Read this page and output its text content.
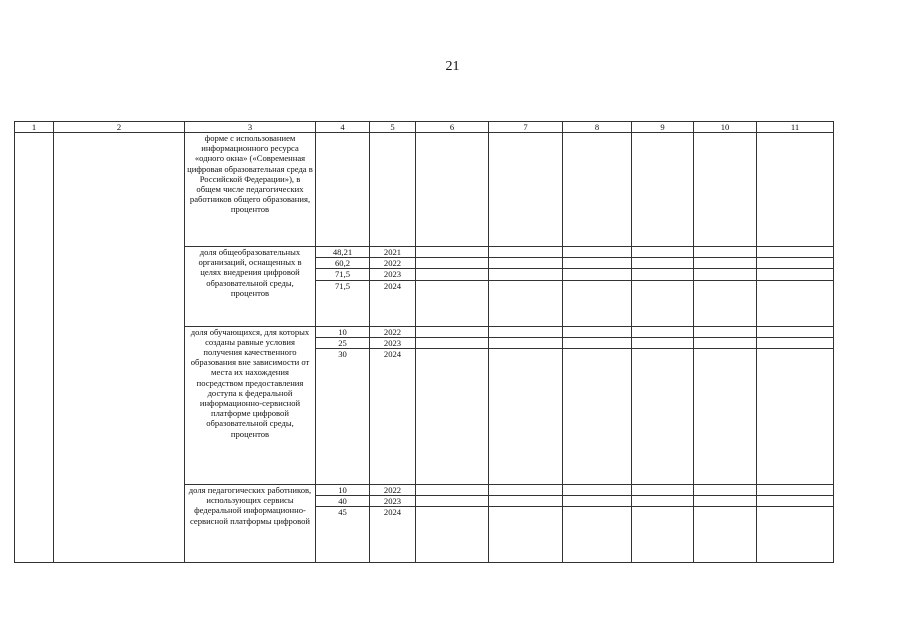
21
1	2	3	4	5	6	7	8	9	10	11

		форме с использованием информационного ресурса «одного окна» («Современная цифровая образовательная среда в Российской Федерации»), в общем числе педагогических работников общего образования, процентов								

		доля общеобразовательных организаций, оснащенных в целях внедрения цифровой образовательной среды, процентов	48,21	2021						
			60,2	2022						
			71,5	2023						
			71,5	2024						

		доля обучающихся, для которых созданы равные условия получения качественного образования вне зависимости от места их нахождения посредством предоставления доступа к федеральной информационно-сервисной платформе цифровой образовательной среды, процентов	10	2022						
			25	2023						
			30	2024						

		доля педагогических работников, использующих сервисы федеральной информационно-сервисной платформы цифровой	10	2022						
			40	2023						
			45	2024						
